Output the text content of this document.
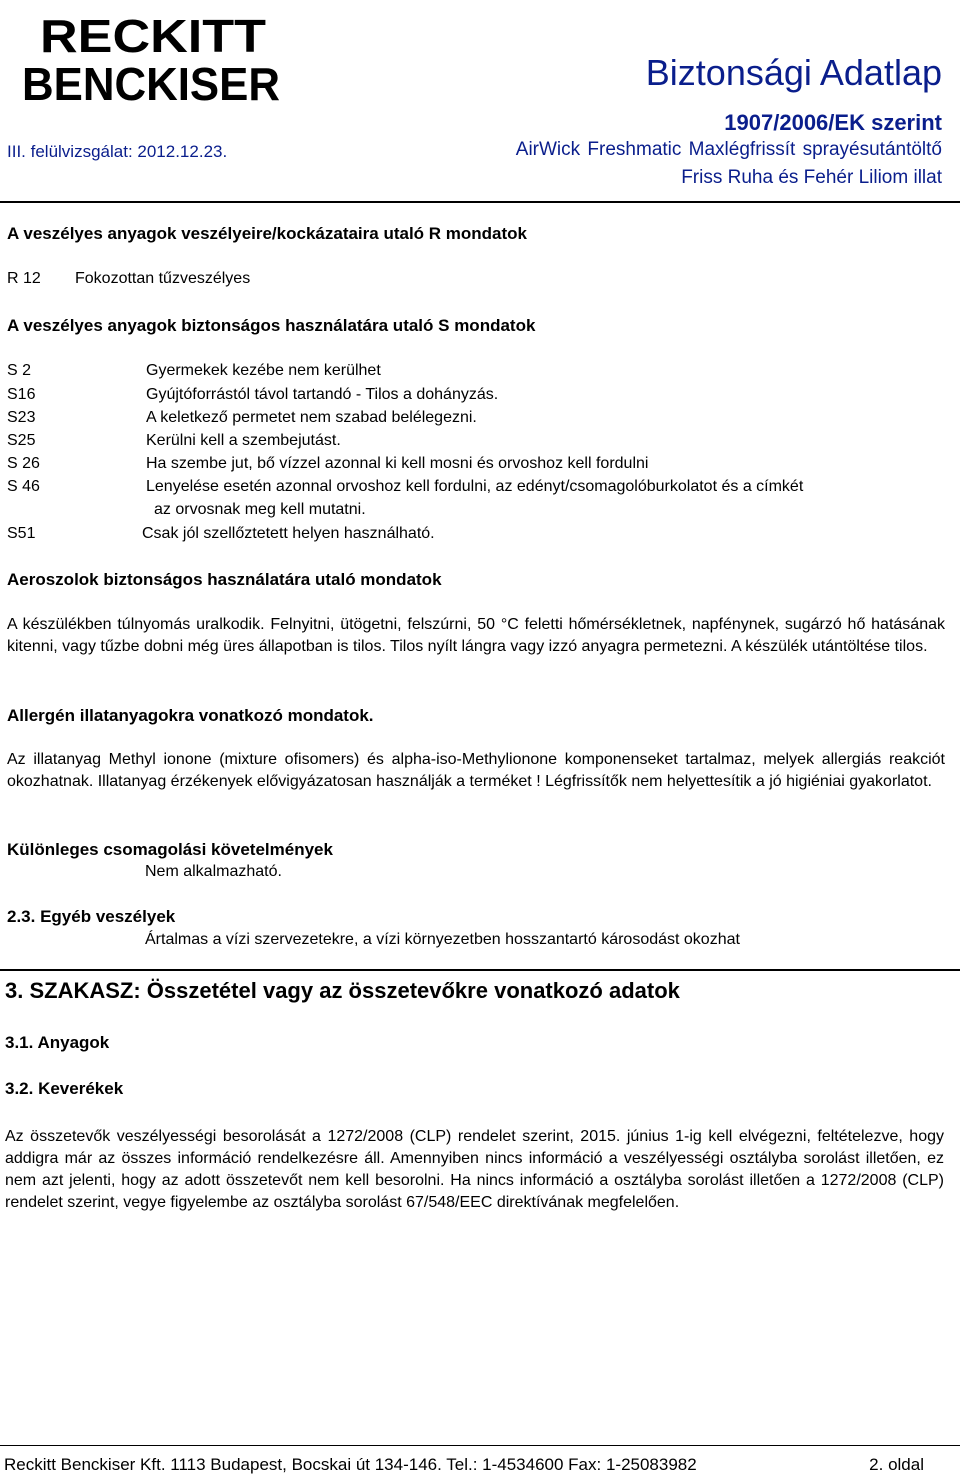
RECKITT
BENCKISER	Biztonsági Adatlap
1907/2006/EK szerint
III. felülvizsgálat: 2012.12.23.	AirWick Freshmatic Maxlégfrissít sprayésutántöltő
Friss Ruha és Fehér Liliom illat
A veszélyes anyagok veszélyeire/kockázataira utaló R mondatok
R 12 Fokozottan tűzveszélyes
A veszélyes anyagok biztonságos használatára utaló S mondatok
S 2	Gyermekek kezébe nem kerülhet
S16	Gyújtóforrástól távol tartandó - Tilos a dohányzás.
S23	A keletkező permetet nem szabad belélegezni.
S25	Kerülni kell a szembejutást.
S 26	Ha szembe jut, bő vízzel azonnal ki kell mosni és orvoshoz kell fordulni
S 46	Lenyelése esetén azonnal orvoshoz kell fordulni, az edényt/csomagolóburkolatot és a címkét
az orvosnak meg kell mutatni.
S51	Csak jól szellőztetett helyen használható.
Aeroszolok biztonságos használatára utaló mondatok

A készülékben túlnyomás uralkodik. Felnyitni, ütögetni, felszúrni, 50 °C feletti hőmérsékletnek, napfénynek, sugárzó hő hatásának kitenni, vagy tűzbe dobni még üres állapotban is tilos. Tilos nyílt lángra vagy izzó anyagra permetezni. A készülék utántöltése tilos.

Allergén illatanyagokra vonatkozó mondatok.

Az illatanyag Methyl ionone (mixture ofisomers) és alpha-iso-Methylionone komponenseket tartalmaz, melyek allergiás reakciót okozhatnak. Illatanyag érzékenyek elővigyázatosan használják a terméket ! Légfrissítők nem helyettesítik a jó higiéniai gyakorlatot.

Különleges csomagolási követelmények
Nem alkalmazható.
2.3. Egyéb veszélyek
Ártalmas a vízi szervezetekre, a vízi környezetben hosszantartó károsodást okozhat
3. SZAKASZ: Összetétel vagy az összetevőkre vonatkozó adatok
3.1. Anyagok
3.2. Keverékek

Az összetevők veszélyességi besorolását a 1272/2008 (CLP) rendelet szerint, 2015. június 1-ig kell elvégezni, feltételezve, hogy addigra már az összes információ rendelkezésre áll. Amennyiben nincs információ a veszélyességi osztályba sorolást illetően, ez nem azt jelenti, hogy az adott összetevőt nem kell besorolni. Ha nincs információ a osztályba sorolást illetően a 1272/2008 (CLP) rendelet szerint, vegye figyelembe az osztályba sorolást 67/548/EEC direktívának megfelelően.

Reckitt Benckiser Kft. 1113 Budapest, Bocskai út 134-146. Tel.: 1-4534600 Fax: 1-25083982	2. oldal
